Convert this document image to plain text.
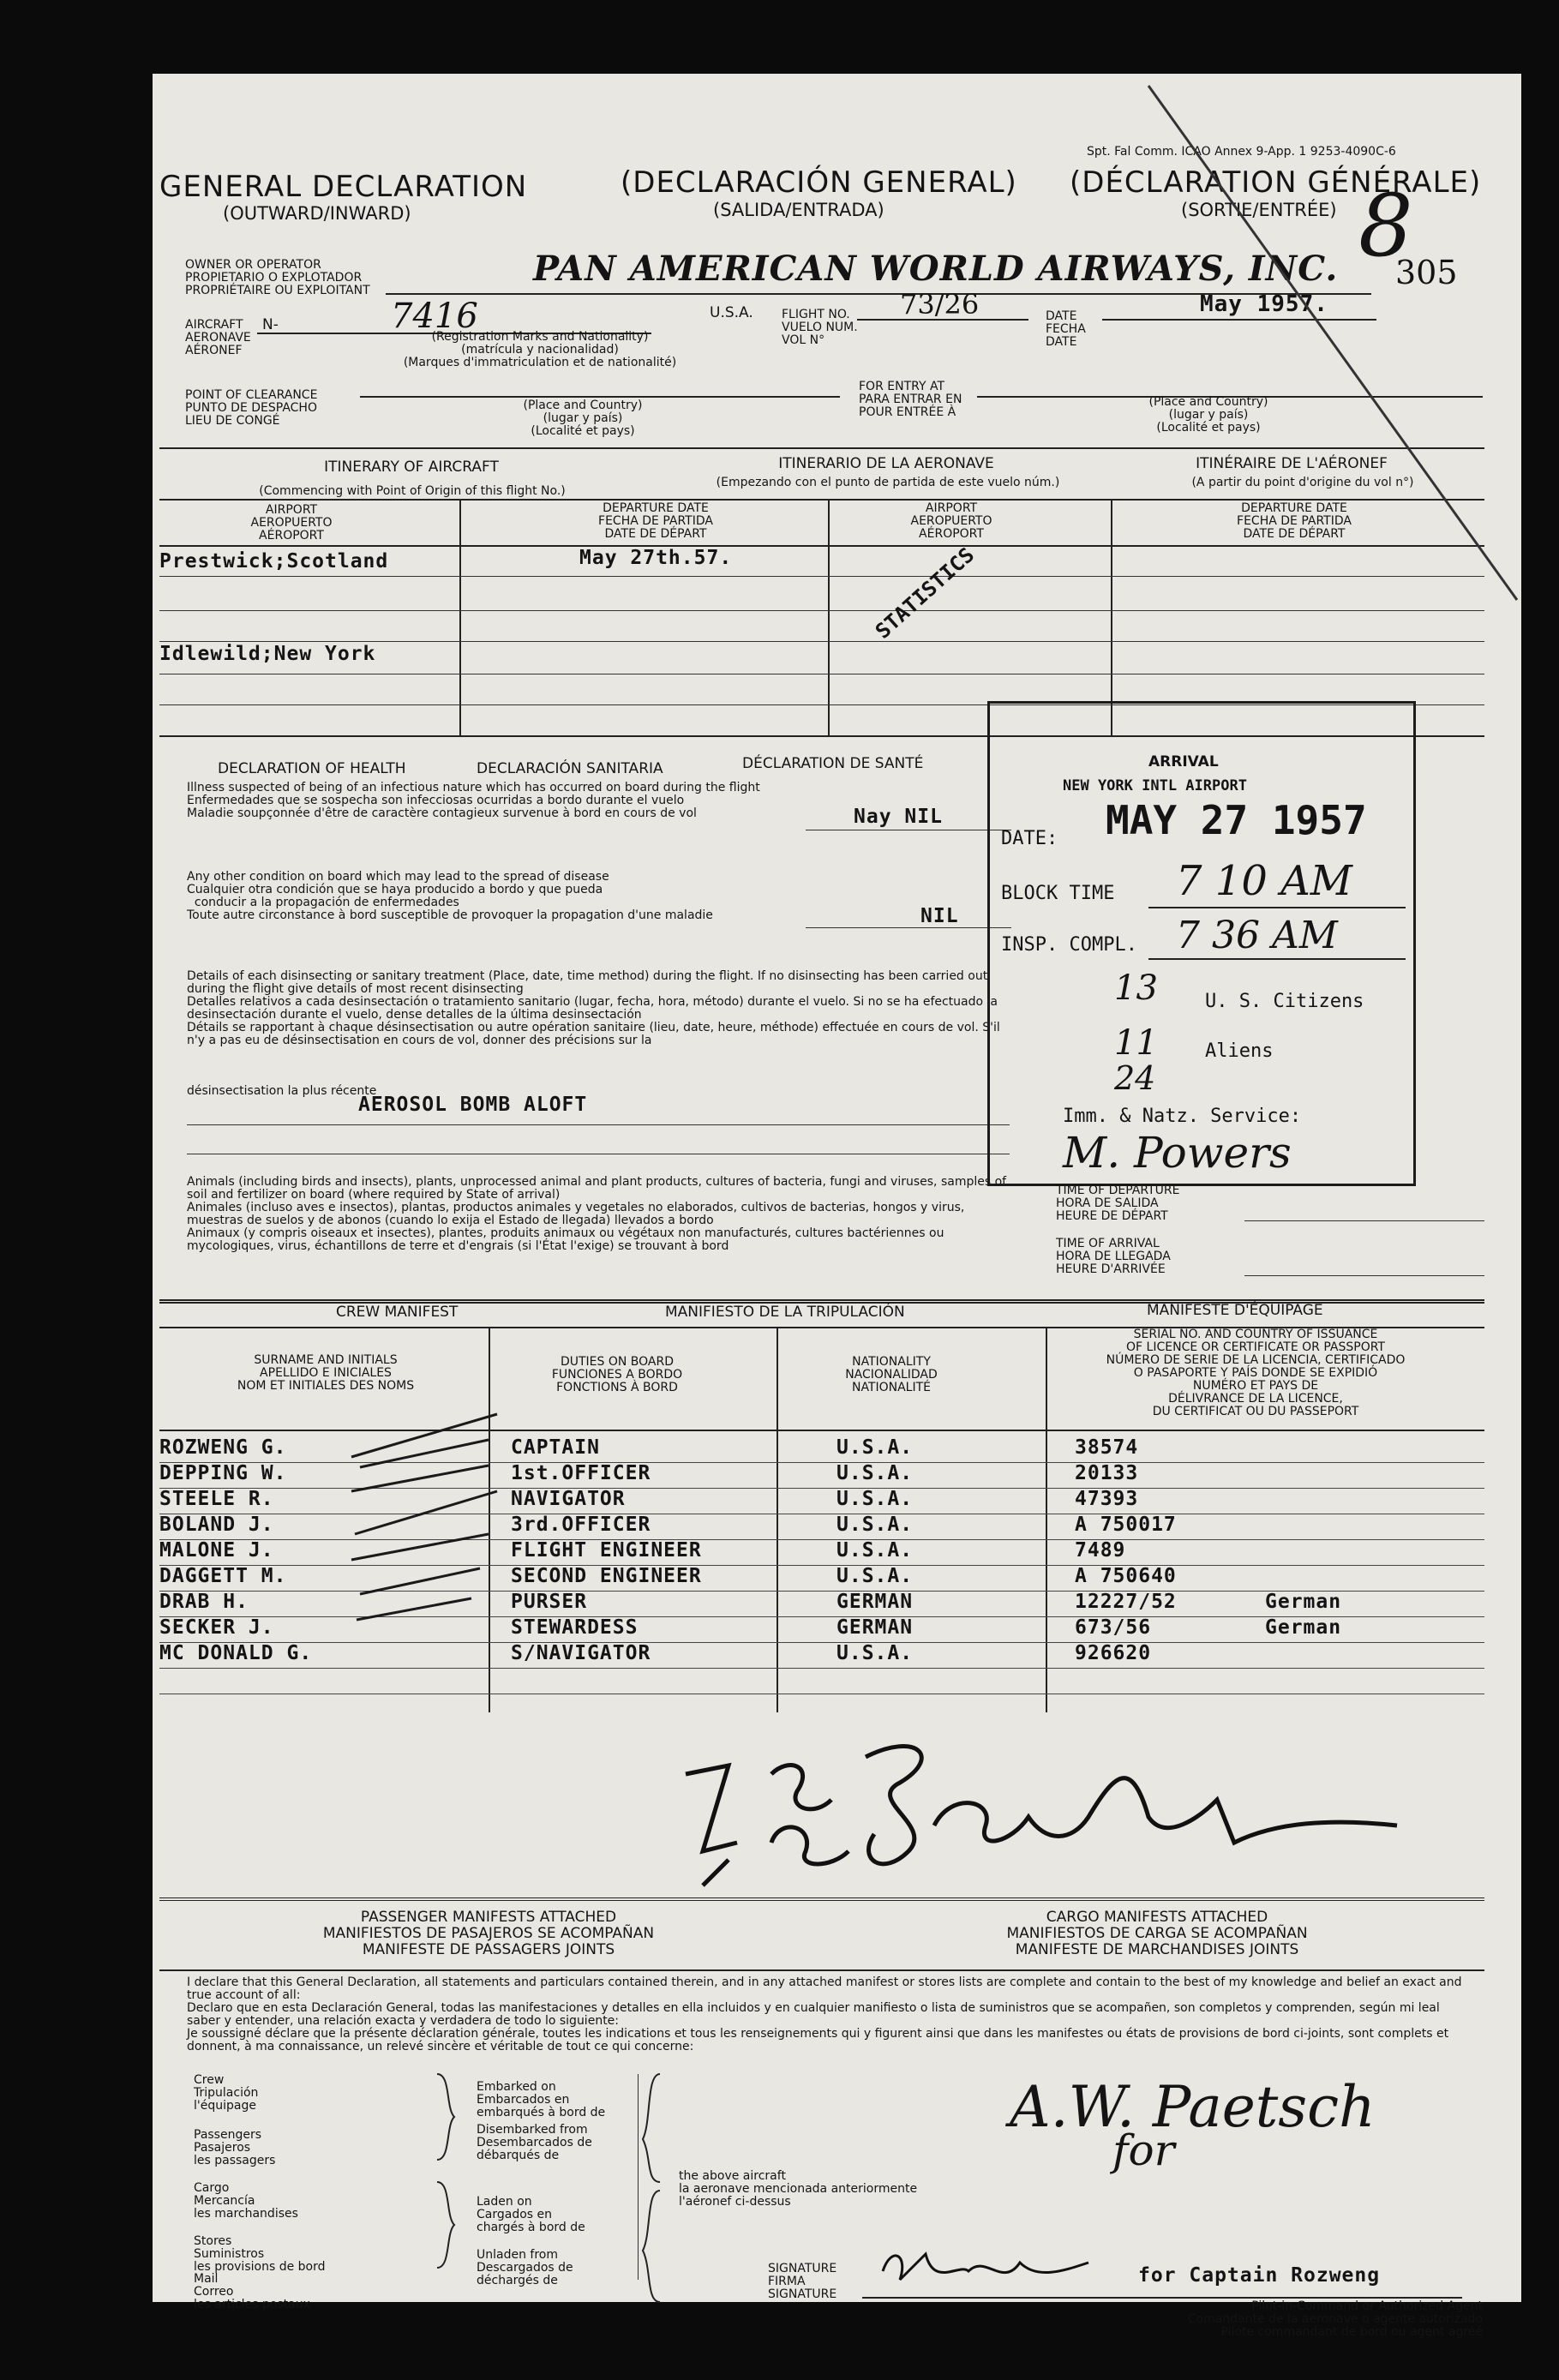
GENERAL DECLARATION
(OUTWARD/INWARD)
(DECLARACIÓN GENERAL)
(SALIDA/ENTRADA)
(DÉCLARATION GÉNÉRALE)
(SORTIE/ENTRÉE)
Spt. Fal Comm. ICAO Annex 9-App. 1 9253-4090C-6
8
305
OWNER OR OPERATOR
PROPIETARIO O EXPLOTADOR
PROPRIÉTAIRE OU EXPLOITANT
PAN AMERICAN WORLD AIRWAYS, INC.
AIRCRAFT
AERONAVE
AÉRONEF
N-	7416
(Registration Marks and Nationality)
(matrícula y nacionalidad)
(Marques d'immatriculation et de nationalité)
U.S.A. FLIGHT NO.
VUELO NUM.
VOL N°
73/26	DATE
FECHA
DATE
May 1957.
POINT OF CLEARANCE
PUNTO DE DESPACHO
LIEU DE CONGÉ
(Place and Country)
(lugar y país)
(Localité et pays)
FOR ENTRY AT
PARA ENTRAR EN
POUR ENTRÉE À
(Place and Country)
(lugar y país)
(Localité et pays)
ITINERARY OF AIRCRAFT
(Commencing with Point of Origin of this flight No.)
ITINERARIO DE LA AERONAVE
(Empezando con el punto de partida de este vuelo núm.)
ITINÉRAIRE DE L'AÉRONEF
(A partir du point d'origine du vol n°)
AIRPORT
AEROPUERTO
AÉROPORT
DEPARTURE DATE
FECHA DE PARTIDA
DATE DE DÉPART
AIRPORT
AEROPUERTO
AÉROPORT
DEPARTURE DATE
FECHA DE PARTIDA
DATE DE DÉPART
Prestwick;Scotland	May 27th.57.
Idlewild;New York
STATISTICS
DECLARATION OF HEALTH	DECLARACIÓN SANITARIA	DÉCLARATION DE SANTÉ
Illness suspected of being of an infectious nature which has occurred on board during the flight
Enfermedades que se sospecha son infecciosas ocurridas a bordo durante el vuelo
Maladie soupçonnée d'être de caractère contagieux survenue à bord en cours de vol	Nay NIL
Any other condition on board which may lead to the spread of disease
Cualquier otra condición que se haya producido a bordo y que pueda
conducir a la propagación de enfermedades
Toute autre circonstance à bord susceptible de provoquer la propagation d'une maladie	NIL
Details of each disinsecting or sanitary treatment (Place, date, time method) during the flight. If no disinsecting has been carried out during the flight give details of most recent disinsecting
Detalles relativos a cada desinsectación o tratamiento sanitario (lugar, fecha, hora, método) durante el vuelo. Si no se ha efectuado la desinsectación durante el vuelo, dense detalles de la última desinsectación
Détails se rapportant à chaque désinsectisation ou autre opération sanitaire (lieu, date, heure, méthode) effectuée en cours de vol. S'il n'y a pas eu de désinsectisation en cours de vol, donner des précisions sur la
désinsectisation la plus récente
AEROSOL BOMB ALOFT
Animals (including birds and insects), plants, unprocessed animal and plant products, cultures of bacteria, fungi and viruses, samples of soil and fertilizer on board (where required by State of arrival)
Animales (incluso aves e insectos), plantas, productos animales y vegetales no elaborados, cultivos de bacterias, hongos y virus, muestras de suelos y de abonos (cuando lo exija el Estado de llegada) llevados a bordo
Animaux (y compris oiseaux et insectes), plantes, produits animaux ou végétaux non manufacturés, cultures bactériennes ou mycologiques, virus, échantillons de terre et d'engrais (si l'État l'exige) se trouvant à bord
ARRIVAL
NEW YORK INTL AIRPORT
DATE: MAY 27 1957
BLOCK TIME 7 10 AM
INSP. COMPL. 7 36 AM
13	U. S. Citizens
11	Aliens
24
Imm. & Natz. Service:
M. Powers
TIME OF DEPARTURE
HORA DE SALIDA
HEURE DE DÉPART
TIME OF ARRIVAL
HORA DE LLEGADA
HEURE D'ARRIVÉE
CREW MANIFEST	MANIFIESTO DE LA TRIPULACIÓN	MANIFESTE D'ÉQUIPAGE
SURNAME AND INITIALS
APELLIDO E INICIALES
NOM ET INITIALES DES NOMS
DUTIES ON BOARD
FUNCIONES A BORDO
FONCTIONS À BORD
NATIONALITY
NACIONALIDAD
NATIONALITÉ
SERIAL NO. AND COUNTRY OF ISSUANCE
OF LICENCE OR CERTIFICATE OR PASSPORT
NÚMERO DE SERIE DE LA LICENCIA, CERTIFICADO
O PASAPORTE Y PAÍS DONDE SE EXPIDIÓ
NUMÉRO ET PAYS DE
DÉLIVRANCE DE LA LICENCE,
DU CERTIFICAT OU DU PASSEPORT
ROZWENG G.	CAPTAIN	U.S.A.	38574
DEPPING W.	1st.OFFICER	U.S.A.	20133
STEELE R.	NAVIGATOR	U.S.A.	47393
BOLAND J.	3rd.OFFICER	U.S.A.	A 750017
MALONE J.	FLIGHT ENGINEER	U.S.A.	7489
DAGGETT M.	SECOND ENGINEER	U.S.A.	A 750640
DRAB H.	PURSER	GERMAN	12227/52	German
SECKER J.	STEWARDESS	GERMAN	673/56	German
MC DONALD G.	S/NAVIGATOR	U.S.A.	926620
PASSENGER MANIFESTS ATTACHED
MANIFIESTOS DE PASAJEROS SE ACOMPAÑAN
MANIFESTE DE PASSAGERS JOINTS
CARGO MANIFESTS ATTACHED
MANIFIESTOS DE CARGA SE ACOMPAÑAN
MANIFESTE DE MARCHANDISES JOINTS
I declare that this General Declaration, all statements and particulars contained therein, and in any attached manifest or stores lists are complete and contain to the best of my knowledge and belief an exact and true account of all:
Declaro que en esta Declaración General, todas las manifestaciones y detalles en ella incluidos y en cualquier manifiesto o lista de suministros que se acompañen, son completos y comprenden, según mi leal saber y entender, una relación exacta y verdadera de todo lo siguiente:
Je soussigné déclare que la présente déclaration générale, toutes les indications et tous les renseignements qui y figurent ainsi que dans les manifestes ou états de provisions de bord ci-joints, sont complets et donnent, à ma connaissance, un relevé sincère et véritable de tout ce qui concerne:
Crew
Tripulación
l'équipage
Passengers
Pasajeros
les passagers
Cargo
Mercancía
les marchandises
Stores
Suministros
les provisions de bord
Mail
Correo
les articles postaux
Embarked on
Embarcados en
embarqués à bord de
Disembarked from
Desembarcados de
débarqués de
Laden on
Cargados en
chargés à bord de
Unladen from
Descargados de
déchargés de
the above aircraft
la aeronave mencionada anteriormente
l'aéronef ci-dessus
A.W. Paetsch
for
SIGNATURE
FIRMA
SIGNATURE
for Captain Rozweng
Pilot-in-Command or Authorized Agent
Comandante de la aeronave o agente autorizado
Pilote commandant de bord ou agent agréé
